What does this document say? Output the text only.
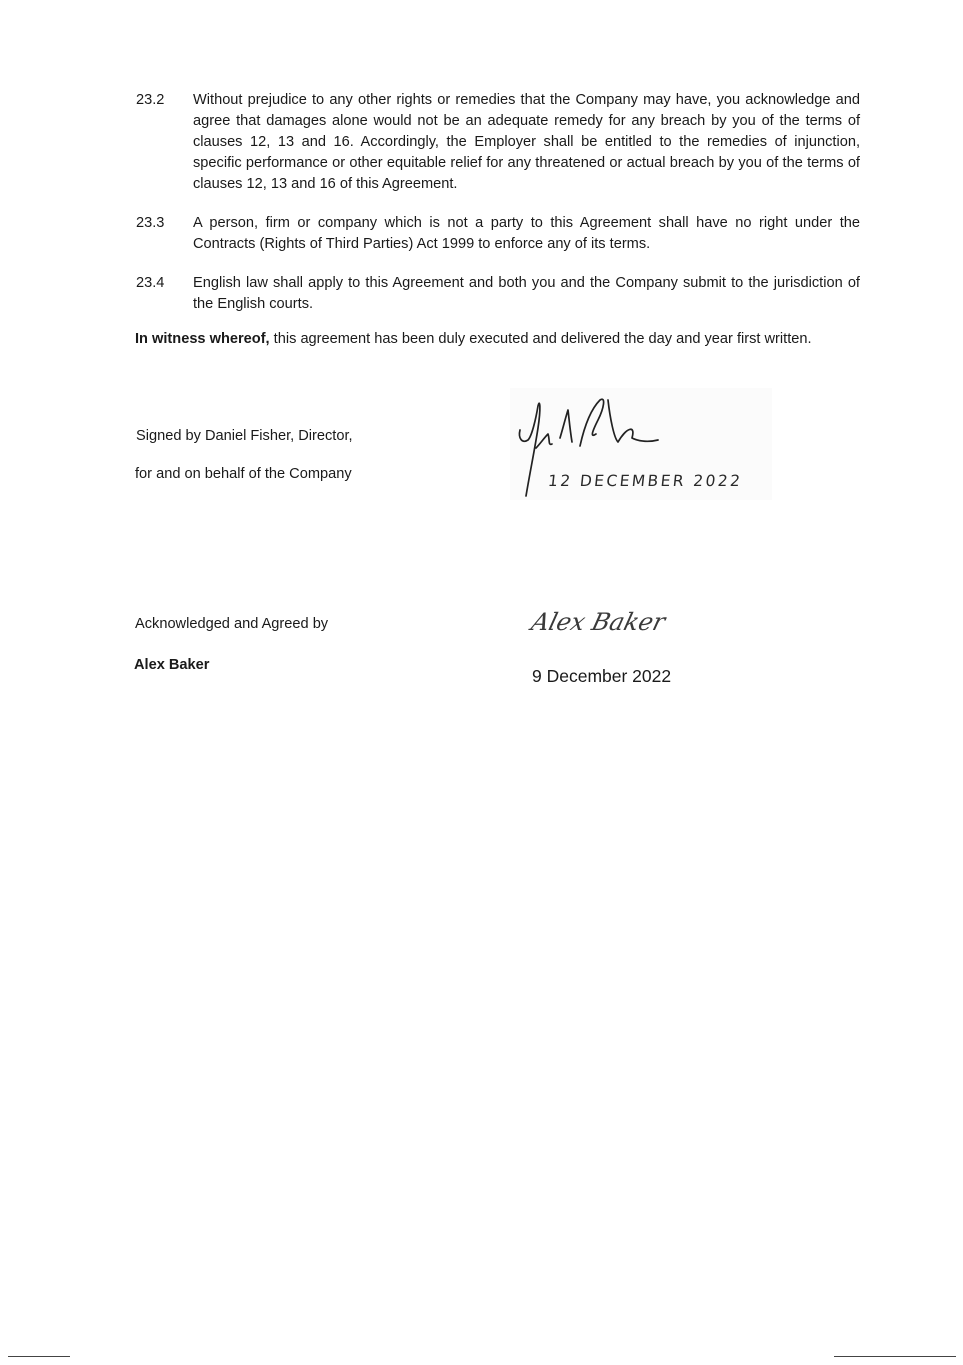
23.2	Without prejudice to any other rights or remedies that the Company may have, you acknowledge and agree that damages alone would not be an adequate remedy for any breach by you of the terms of clauses 12, 13 and 16. Accordingly, the Employer shall be entitled to the remedies of injunction, specific performance or other equitable relief for any threatened or actual breach by you of the terms of clauses 12, 13 and 16 of this Agreement.
23.3	A person, firm or company which is not a party to this Agreement shall have no right under the Contracts (Rights of Third Parties) Act 1999 to enforce any of its terms.
23.4	English law shall apply to this Agreement and both you and the Company submit to the jurisdiction of the English courts.
In witness whereof, this agreement has been duly executed and delivered the day and year first written.
Signed by Daniel Fisher, Director,
for and on behalf of the Company	12 DECEMBER 2022
Acknowledged and Agreed by
Alex Baker
Alex Baker
9 December 2022
